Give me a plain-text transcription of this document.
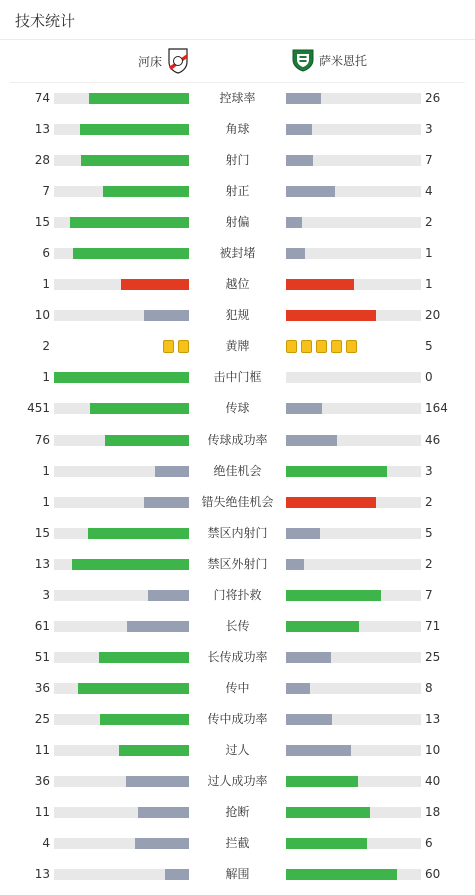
技术统计
河床	萨米恩托
74	控球率	26
13	角球	3
28	射门	7
7	射正	4
15	射偏	2
6	被封堵	1
1	越位	1
10	犯规	20
2	黄牌	5
1	击中门框	0
451	传球	164
76	传球成功率	46
1	绝佳机会	3
1	错失绝佳机会	2
15	禁区内射门	5
13	禁区外射门	2
3	门将扑救	7
61	长传	71
51	长传成功率	25
36	传中	8
25	传中成功率	13
11	过人	10
36	过人成功率	40
11	抢断	18
4	拦截	6
13	解围	60
